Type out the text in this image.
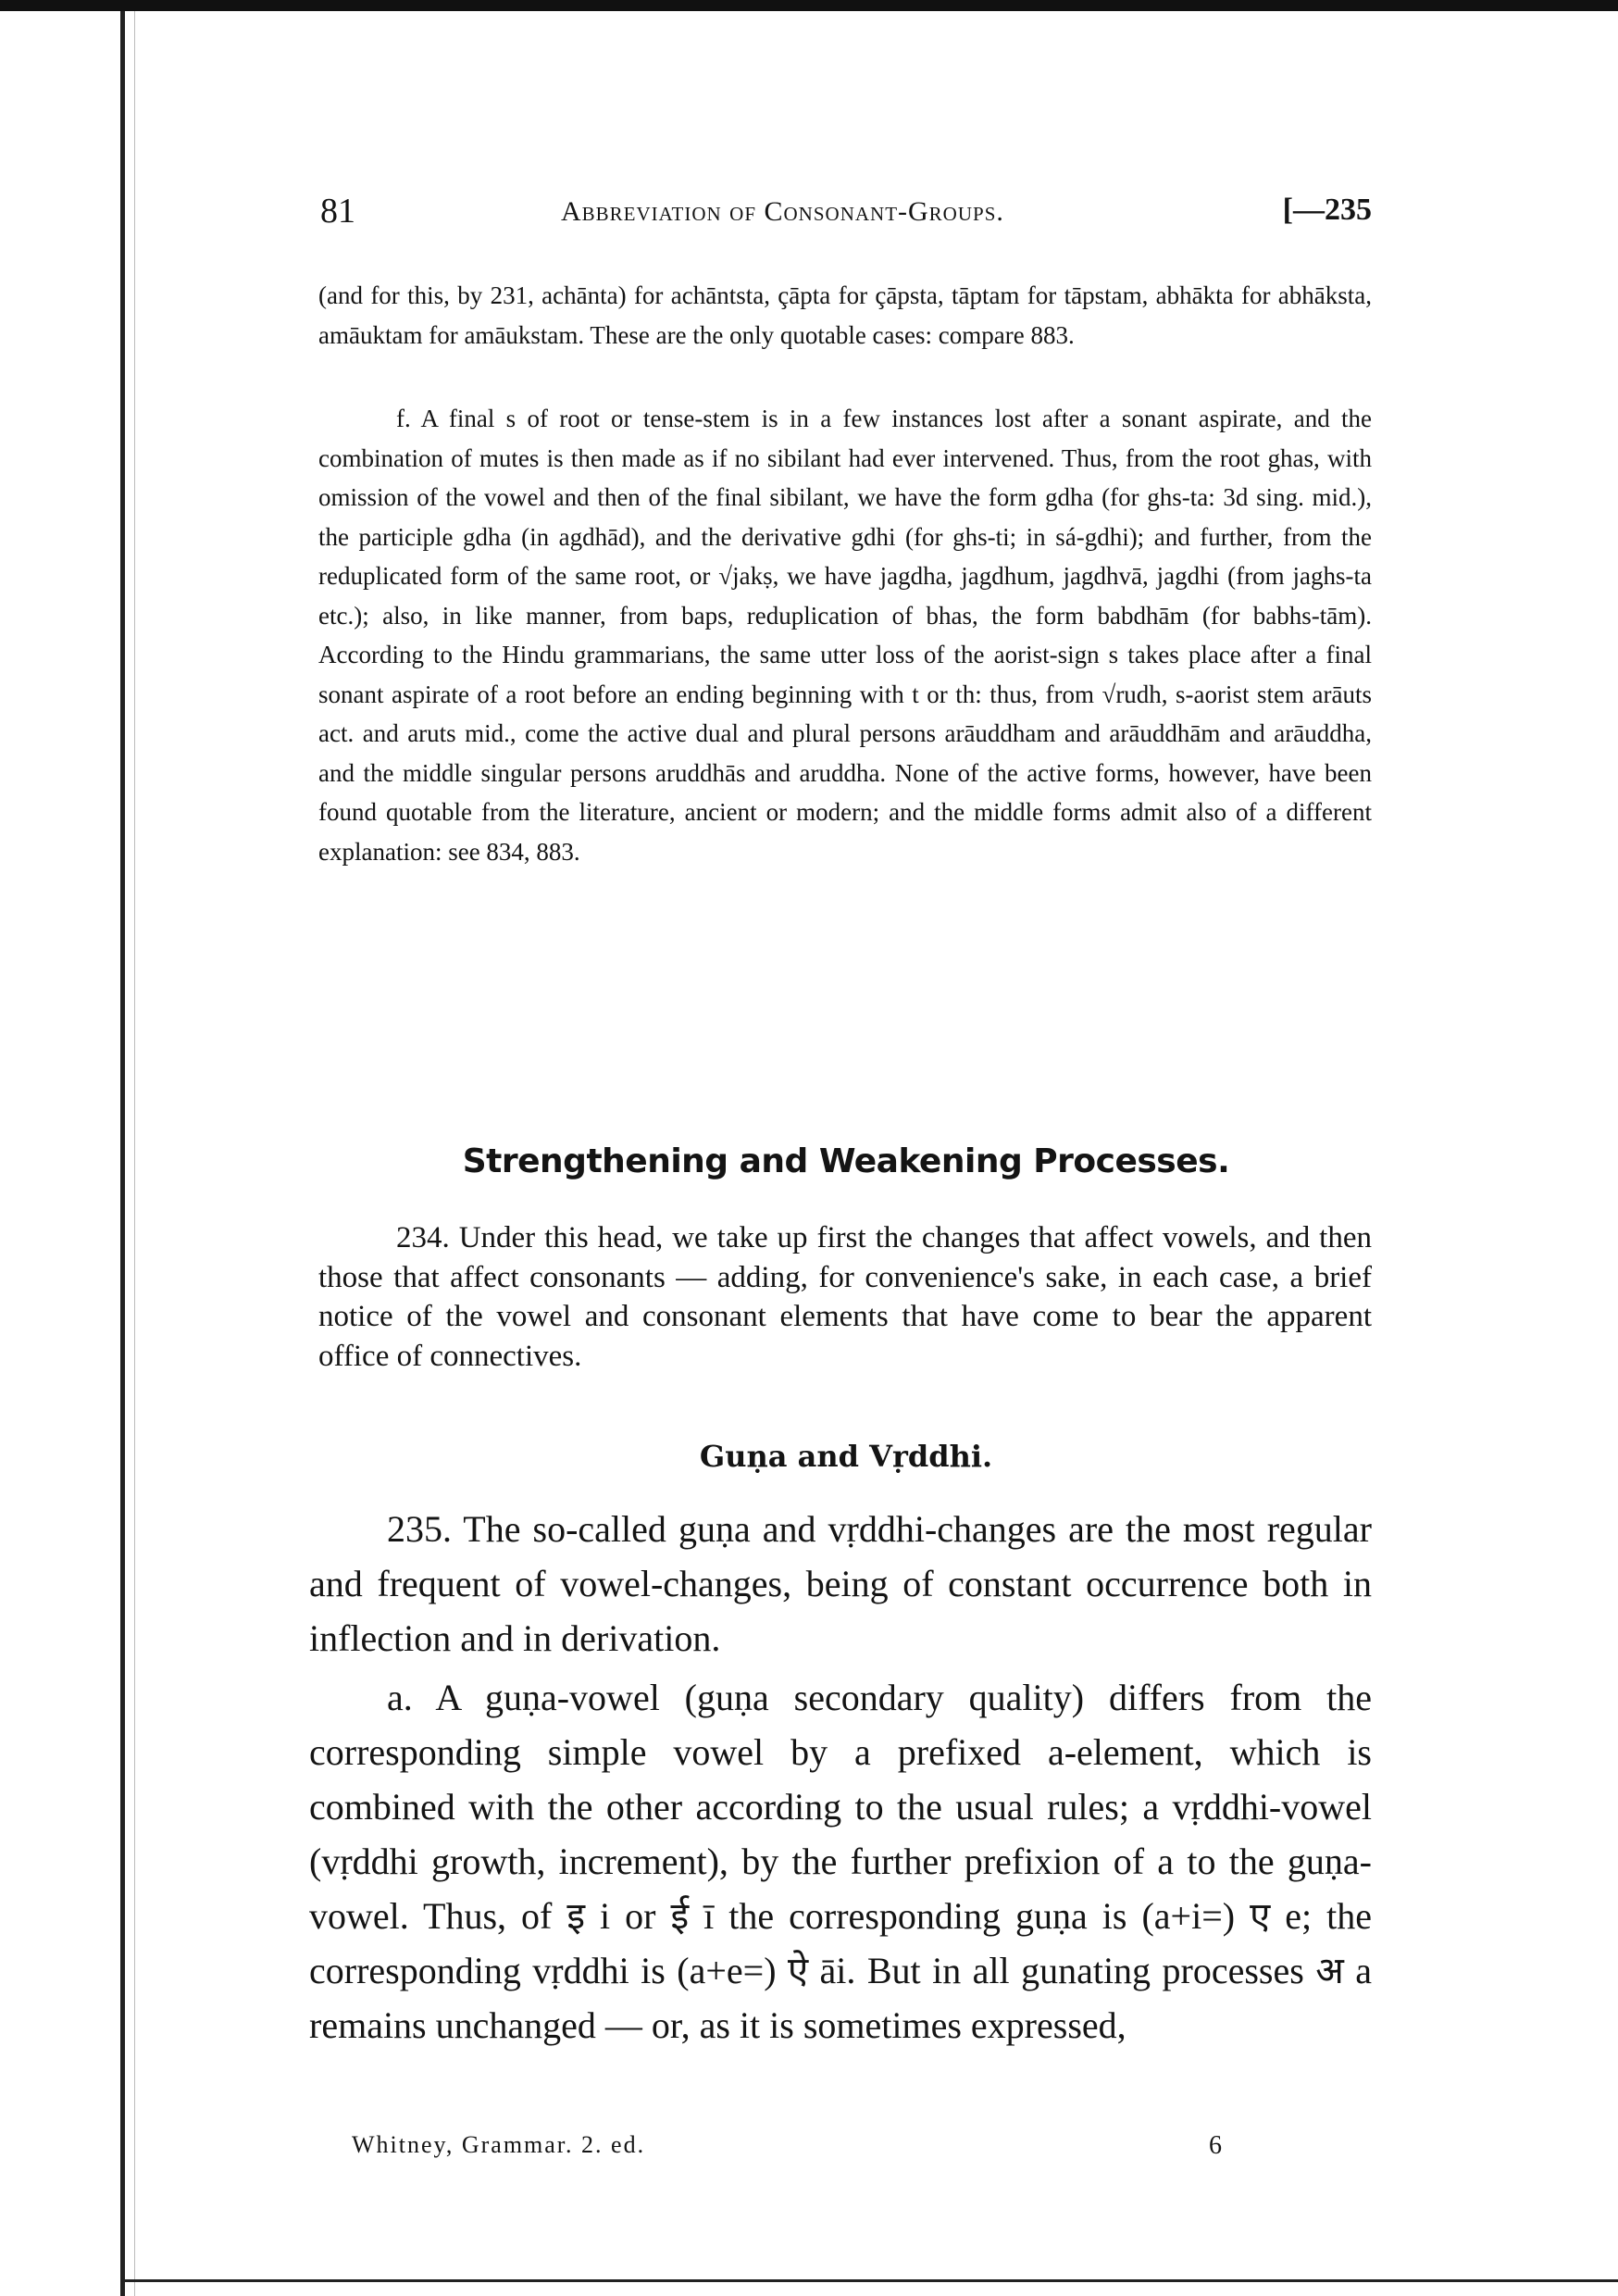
81	Abbreviation of Consonant-Groups.	[—235

(and for this, by 231, achānta) for achāntsta, çāpta for çāpsta, tāptam for tāpstam, abhākta for abhāksta, amāuktam for amāukstam. These are the only quotable cases: compare 883.

f. A final s of root or tense-stem is in a few instances lost after a sonant aspirate, and the combination of mutes is then made as if no sibilant had ever intervened. Thus, from the root ghas, with omission of the vowel and then of the final sibilant, we have the form gdha (for ghs-ta: 3d sing. mid.), the participle gdha (in agdhād), and the derivative gdhi (for ghs-ti; in sá-gdhi); and further, from the reduplicated form of the same root, or √jakṣ, we have jagdha, jagdhum, jagdhvā, jagdhi (from jaghs-ta etc.); also, in like manner, from baps, reduplication of bhas, the form babdhām (for babhs-tām). According to the Hindu grammarians, the same utter loss of the aorist-sign s takes place after a final sonant aspirate of a root before an ending beginning with t or th: thus, from √rudh, s-aorist stem arāuts act. and aruts mid., come the active dual and plural persons arāuddham and arāuddhām and arāuddha, and the middle singular persons aruddhās and aruddha. None of the active forms, however, have been found quotable from the literature, ancient or modern; and the middle forms admit also of a different explanation: see 834, 883.

Strengthening and Weakening Processes.

234. Under this head, we take up first the changes that affect vowels, and then those that affect consonants — adding, for convenience's sake, in each case, a brief notice of the vowel and consonant elements that have come to bear the apparent office of connectives.

Guṇa and Vṛddhi.

235. The so-called guṇa and vṛddhi-changes are the most regular and frequent of vowel-changes, being of constant occurrence both in inflection and in derivation.

a. A guṇa-vowel (guṇa secondary quality) differs from the corresponding simple vowel by a prefixed a-element, which is combined with the other according to the usual rules; a vṛddhi-vowel (vṛddhi growth, increment), by the further prefixion of a to the guṇa-vowel. Thus, of इ i or ई ī the corresponding guṇa is (a+i=) ए e; the corresponding vṛddhi is (a+e=) ऐ āi. But in all gunating processes अ a remains unchanged — or, as it is sometimes expressed,

Whitney, Grammar. 2. ed.	6
